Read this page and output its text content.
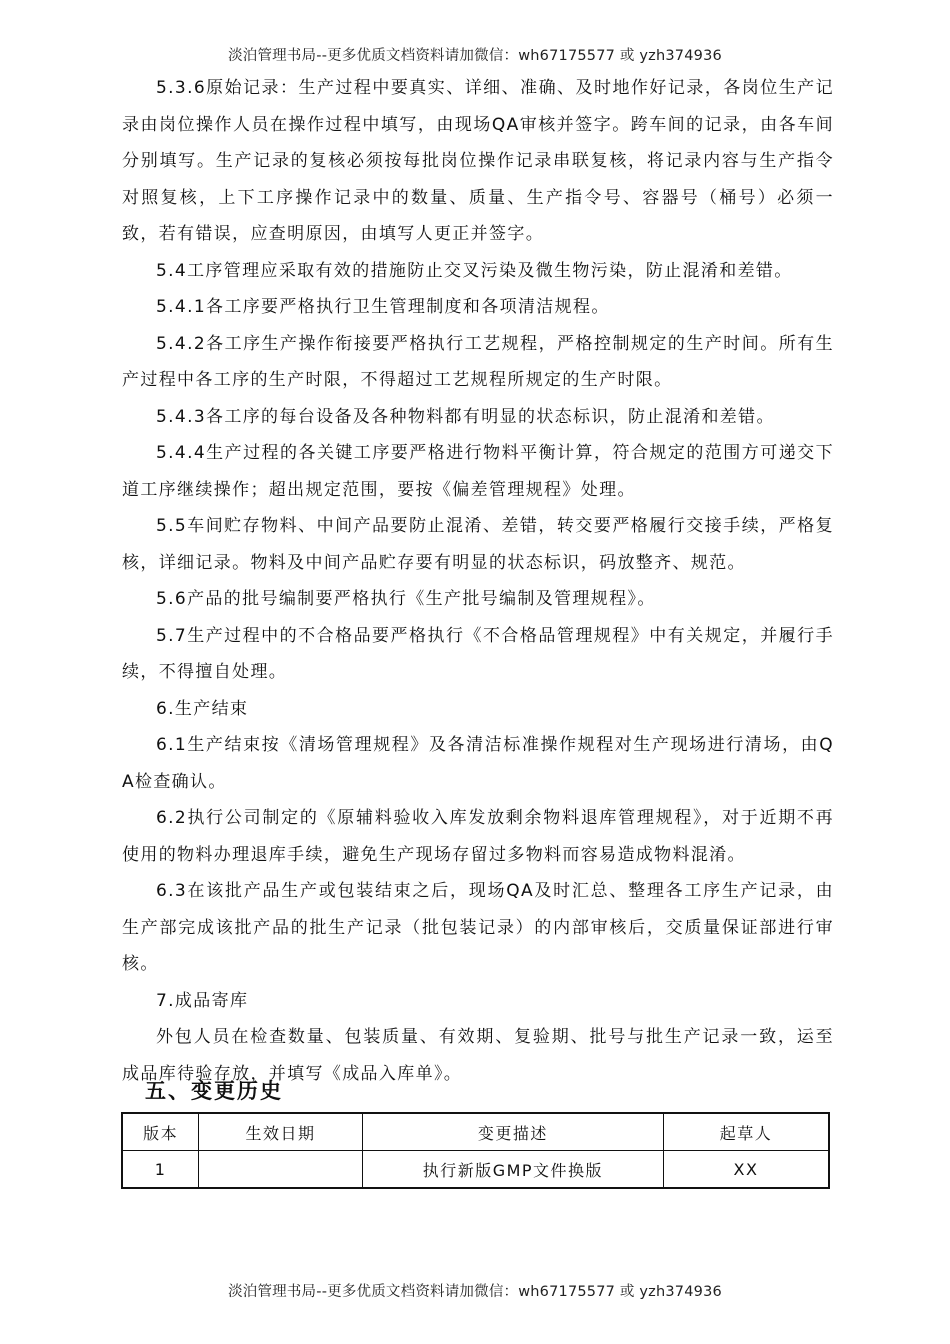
淡泊管理书局--更多优质文档资料请加微信：wh67175577 或 yzh374936

5.3.6原始记录：生产过程中要真实、详细、准确、及时地作好记录，各岗位生产记录由岗位操作人员在操作过程中填写，由现场QA审核并签字。跨车间的记录，由各车间分别填写。生产记录的复核必须按每批岗位操作记录串联复核，将记录内容与生产指令对照复核，上下工序操作记录中的数量、质量、生产指令号、容器号（桶号）必须一致，若有错误，应查明原因，由填写人更正并签字。

5.4工序管理应采取有效的措施防止交叉污染及微生物污染，防止混淆和差错。

5.4.1各工序要严格执行卫生管理制度和各项清洁规程。

5.4.2各工序生产操作衔接要严格执行工艺规程，严格控制规定的生产时间。所有生产过程中各工序的生产时限，不得超过工艺规程所规定的生产时限。

5.4.3各工序的每台设备及各种物料都有明显的状态标识，防止混淆和差错。

5.4.4生产过程的各关键工序要严格进行物料平衡计算，符合规定的范围方可递交下道工序继续操作；超出规定范围，要按《偏差管理规程》处理。

5.5车间贮存物料、中间产品要防止混淆、差错，转交要严格履行交接手续，严格复核，详细记录。物料及中间产品贮存要有明显的状态标识，码放整齐、规范。

5.6产品的批号编制要严格执行《生产批号编制及管理规程》。

5.7生产过程中的不合格品要严格执行《不合格品管理规程》中有关规定，并履行手续，不得擅自处理。

6.生产结束

6.1生产结束按《清场管理规程》及各清洁标准操作规程对生产现场进行清场，由QA检查确认。

6.2执行公司制定的《原辅料验收入库发放剩余物料退库管理规程》，对于近期不再使用的物料办理退库手续，避免生产现场存留过多物料而容易造成物料混淆。

6.3在该批产品生产或包装结束之后，现场QA及时汇总、整理各工序生产记录，由生产部完成该批产品的批生产记录（批包装记录）的内部审核后，交质量保证部进行审核。

7.成品寄库

外包人员在检查数量、包装质量、有效期、复验期、批号与批生产记录一致，运至成品库待验存放，并填写《成品入库单》。

五、变更历史
版本	生效日期	变更描述	起草人
1		执行新版GMP文件换版	XX
淡泊管理书局--更多优质文档资料请加微信：wh67175577 或 yzh374936
